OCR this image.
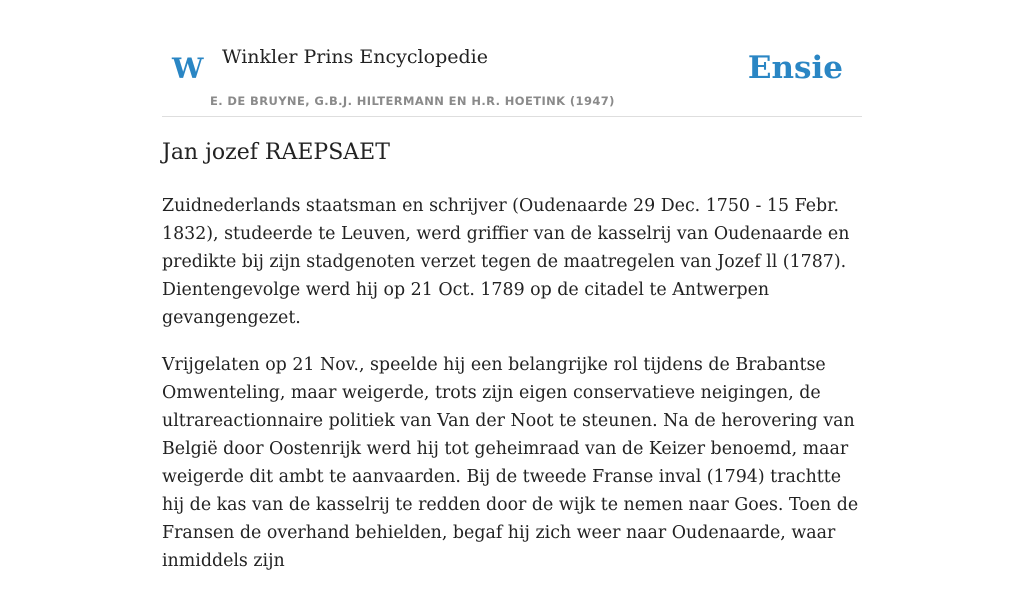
W Winkler Prins Encyclopedie
E. DE BRUYNE, G.B.J. HILTERMANN EN H.R. HOETINK (1947)
Ensie
Jan jozef RAEPSAET

Zuidnederlands staatsman en schrijver (Oudenaarde 29 Dec. 1750 - 15 Febr. 1832), studeerde te Leuven, werd griffier van de kasselrij van Oudenaarde en predikte bij zijn stadgenoten verzet tegen de maatregelen van Jozef ll (1787). Dientengevolge werd hij op 21 Oct. 1789 op de citadel te Antwerpen gevangengezet.

Vrijgelaten op 21 Nov., speelde hij een belangrijke rol tijdens de Brabantse Omwenteling, maar weigerde, trots zijn eigen conservatieve neigingen, de ultrareactionnaire politiek van Van der Noot te steunen. Na de herovering van België door Oostenrijk werd hij tot geheimraad van de Keizer benoemd, maar weigerde dit ambt te aanvaarden. Bij de tweede Franse inval (1794) trachtte hij de kas van de kasselrij te redden door de wijk te nemen naar Goes. Toen de Fransen de overhand behielden, begaf hij zich weer naar Oudenaarde, waar inmiddels zijn
